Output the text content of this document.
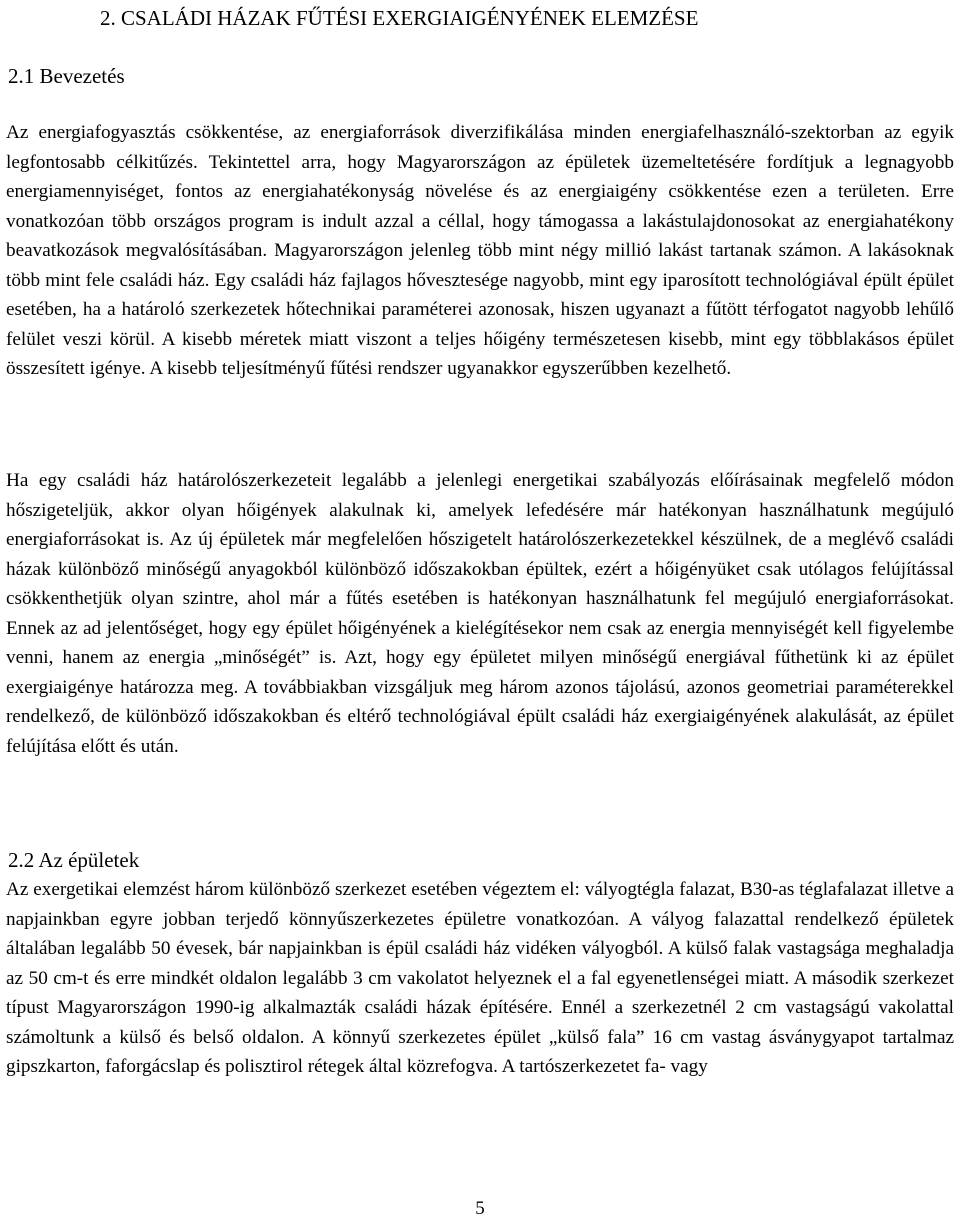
2. CSALÁDI HÁZAK FŰTÉSI EXERGIAIGÉNYÉNEK ELEMZÉSE
2.1 Bevezetés

Az energiafogyasztás csökkentése, az energiaforrások diverzifikálása minden energiafelhasználó-szektorban az egyik legfontosabb célkitűzés. Tekintettel arra, hogy Magyarországon az épületek üzemeltetésére fordítjuk a legnagyobb energiamennyiséget, fontos az energiahatékonyság növelése és az energiaigény csökkentése ezen a területen. Erre vonatkozóan több országos program is indult azzal a céllal, hogy támogassa a lakástulajdonosokat az energiahatékony beavatkozások megvalósításában. Magyarországon jelenleg több mint négy millió lakást tartanak számon. A lakásoknak több mint fele családi ház. Egy családi ház fajlagos hővesztesége nagyobb, mint egy iparosított technológiával épült épület esetében, ha a határoló szerkezetek hőtechnikai paraméterei azonosak, hiszen ugyanazt a fűtött térfogatot nagyobb lehűlő felület veszi körül. A kisebb méretek miatt viszont a teljes hőigény természetesen kisebb, mint egy többlakásos épület összesített igénye. A kisebb teljesítményű fűtési rendszer ugyanakkor egyszerűbben kezelhető.

Ha egy családi ház határolószerkezeteit legalább a jelenlegi energetikai szabályozás előírásainak megfelelő módon hőszigeteljük, akkor olyan hőigények alakulnak ki, amelyek lefedésére már hatékonyan használhatunk megújuló energiaforrásokat is. Az új épületek már megfelelően hőszigetelt határolószerkezetekkel készülnek, de a meglévő családi házak különböző minőségű anyagokból különböző időszakokban épültek, ezért a hőigényüket csak utólagos felújítással csökkenthetjük olyan szintre, ahol már a fűtés esetében is hatékonyan használhatunk fel megújuló energiaforrásokat. Ennek az ad jelentőséget, hogy egy épület hőigényének a kielégítésekor nem csak az energia mennyiségét kell figyelembe venni, hanem az energia „minőségét” is. Azt, hogy egy épületet milyen minőségű energiával fűthetünk ki az épület exergiaigénye határozza meg. A továbbiakban vizsgáljuk meg három azonos tájolású, azonos geometriai paraméterekkel rendelkező, de különböző időszakokban és eltérő technológiával épült családi ház exergiaigényének alakulását, az épület felújítása előtt és után.

2.2 Az épületek

Az exergetikai elemzést három különböző szerkezet esetében végeztem el: vályogtégla falazat, B30-as téglafalazat illetve a napjainkban egyre jobban terjedő könnyűszerkezetes épületre vonatkozóan. A vályog falazattal rendelkező épületek általában legalább 50 évesek, bár napjainkban is épül családi ház vidéken vályogból. A külső falak vastagsága meghaladja az 50 cm-t és erre mindkét oldalon legalább 3 cm vakolatot helyeznek el a fal egyenetlenségei miatt. A második szerkezet típust Magyarországon 1990-ig alkalmazták családi házak építésére. Ennél a szerkezetnél 2 cm vastagságú vakolattal számoltunk a külső és belső oldalon. A könnyű szerkezetes épület „külső fala” 16 cm vastag ásványgyapot tartalmaz gipszkarton, faforgácslap és polisztirol rétegek által közrefogva. A tartószerkezetet fa- vagy

5
